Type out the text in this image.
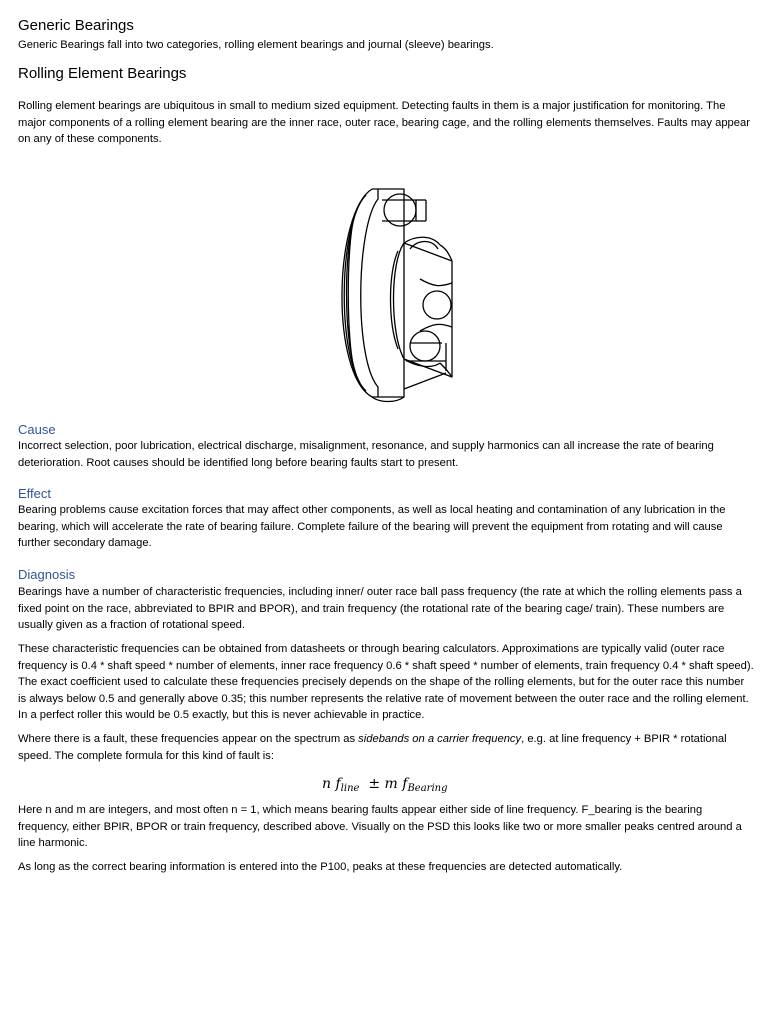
Generic Bearings

Generic Bearings fall into two categories, rolling element bearings and journal (sleeve) bearings.

Rolling Element Bearings

Rolling element bearings are ubiquitous in small to medium sized equipment. Detecting faults in them is a major justification for monitoring. The major components of a rolling element bearing are the inner race, outer race, bearing cage, and the rolling elements themselves. Faults may appear on any of these components.

Cause

Incorrect selection, poor lubrication, electrical discharge, misalignment, resonance, and supply harmonics can all increase the rate of bearing deterioration. Root causes should be identified long before bearing faults start to present.

Effect

Bearing problems cause excitation forces that may affect other components, as well as local heating and contamination of any lubrication in the bearing, which will accelerate the rate of bearing failure. Complete failure of the bearing will prevent the equipment from rotating and will cause further secondary damage.

Diagnosis

Bearings have a number of characteristic frequencies, including inner/ outer race ball pass frequency (the rate at which the rolling elements pass a fixed point on the race, abbreviated to BPIR and BPOR), and train frequency (the rotational rate of the bearing cage/ train). These numbers are usually given as a fraction of rotational speed.

These characteristic frequencies can be obtained from datasheets or through bearing calculators. Approximations are typically valid (outer race frequency is 0.4 * shaft speed * number of elements, inner race frequency 0.6 * shaft speed * number of elements, train frequency 0.4 * shaft speed). The exact coefficient used to calculate these frequencies precisely depends on the shape of the rolling elements, but for the outer race this number is always below 0.5 and generally above 0.35; this number represents the relative rate of movement between the outer race and the rolling element. In a perfect roller this would be 0.5 exactly, but this is never achievable in practice.

Where there is a fault, these frequencies appear on the spectrum as sidebands on a carrier frequency, e.g. at line frequency + BPIR * rotational speed. The complete formula for this kind of fault is:

n $f_{line} \pm m$ $f_{Bearing}$

Here n and m are integers, and most often n = 1, which means bearing faults appear either side of line frequency. F_bearing is the bearing frequency, either BPIR, BPOR or train frequency, described above. Visually on the PSD this looks like two or more smaller peaks centred around a line harmonic.

As long as the correct bearing information is entered into the P100, peaks at these frequencies are detected automatically.
